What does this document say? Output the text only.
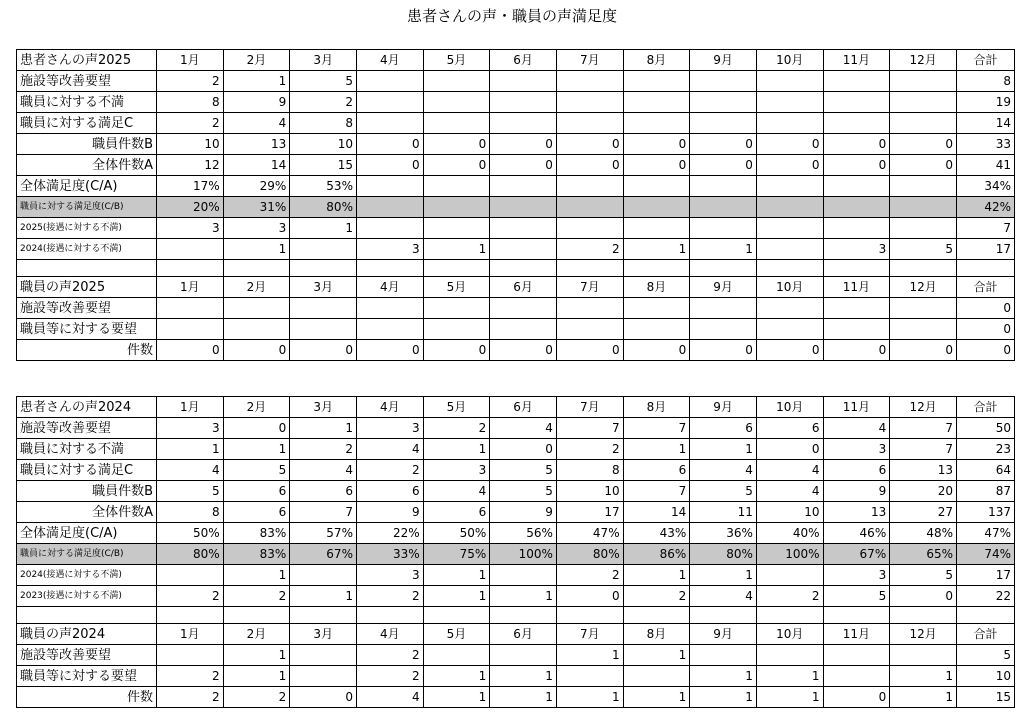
患者さんの声・職員の声満足度
患者さんの声2025	1月	2月	3月	4月	5月	6月	7月	8月	9月	10月	11月	12月	合計
施設等改善要望	2	1	5										8
職員に対する不満	8	9	2										19
職員に対する満足C	2	4	8										14
職員件数B	10	13	10	0	0	0	0	0	0	0	0	0	33
全体件数A	12	14	15	0	0	0	0	0	0	0	0	0	41
全体満足度(C/A)	17%	29%	53%										34%
職員に対する満足度(C/B)	20%	31%	80%										42%
2025(接遇に対する不満)	3	3	1										7
2024(接遇に対する不満)		1		3	1		2	1	1		3	5	17

職員の声2025	1月	2月	3月	4月	5月	6月	7月	8月	9月	10月	11月	12月	合計
施設等改善要望													0
職員等に対する要望													0
件数	0	0	0	0	0	0	0	0	0	0	0	0	0
患者さんの声2024	1月	2月	3月	4月	5月	6月	7月	8月	9月	10月	11月	12月	合計
施設等改善要望	3	0	1	3	2	4	7	7	6	6	4	7	50
職員に対する不満	1	1	2	4	1	0	2	1	1	0	3	7	23
職員に対する満足C	4	5	4	2	3	5	8	6	4	4	6	13	64
職員件数B	5	6	6	6	4	5	10	7	5	4	9	20	87
全体件数A	8	6	7	9	6	9	17	14	11	10	13	27	137
全体満足度(C/A)	50%	83%	57%	22%	50%	56%	47%	43%	36%	40%	46%	48%	47%
職員に対する満足度(C/B)	80%	83%	67%	33%	75%	100%	80%	86%	80%	100%	67%	65%	74%
2024(接遇に対する不満)		1		3	1		2	1	1		3	5	17
2023(接遇に対する不満)	2	2	1	2	1	1	0	2	4	2	5	0	22

職員の声2024	1月	2月	3月	4月	5月	6月	7月	8月	9月	10月	11月	12月	合計
施設等改善要望		1		2			1	1					5
職員等に対する要望	2	1		2	1	1			1	1		1	10
件数	2	2	0	4	1	1	1	1	1	1	0	1	15
